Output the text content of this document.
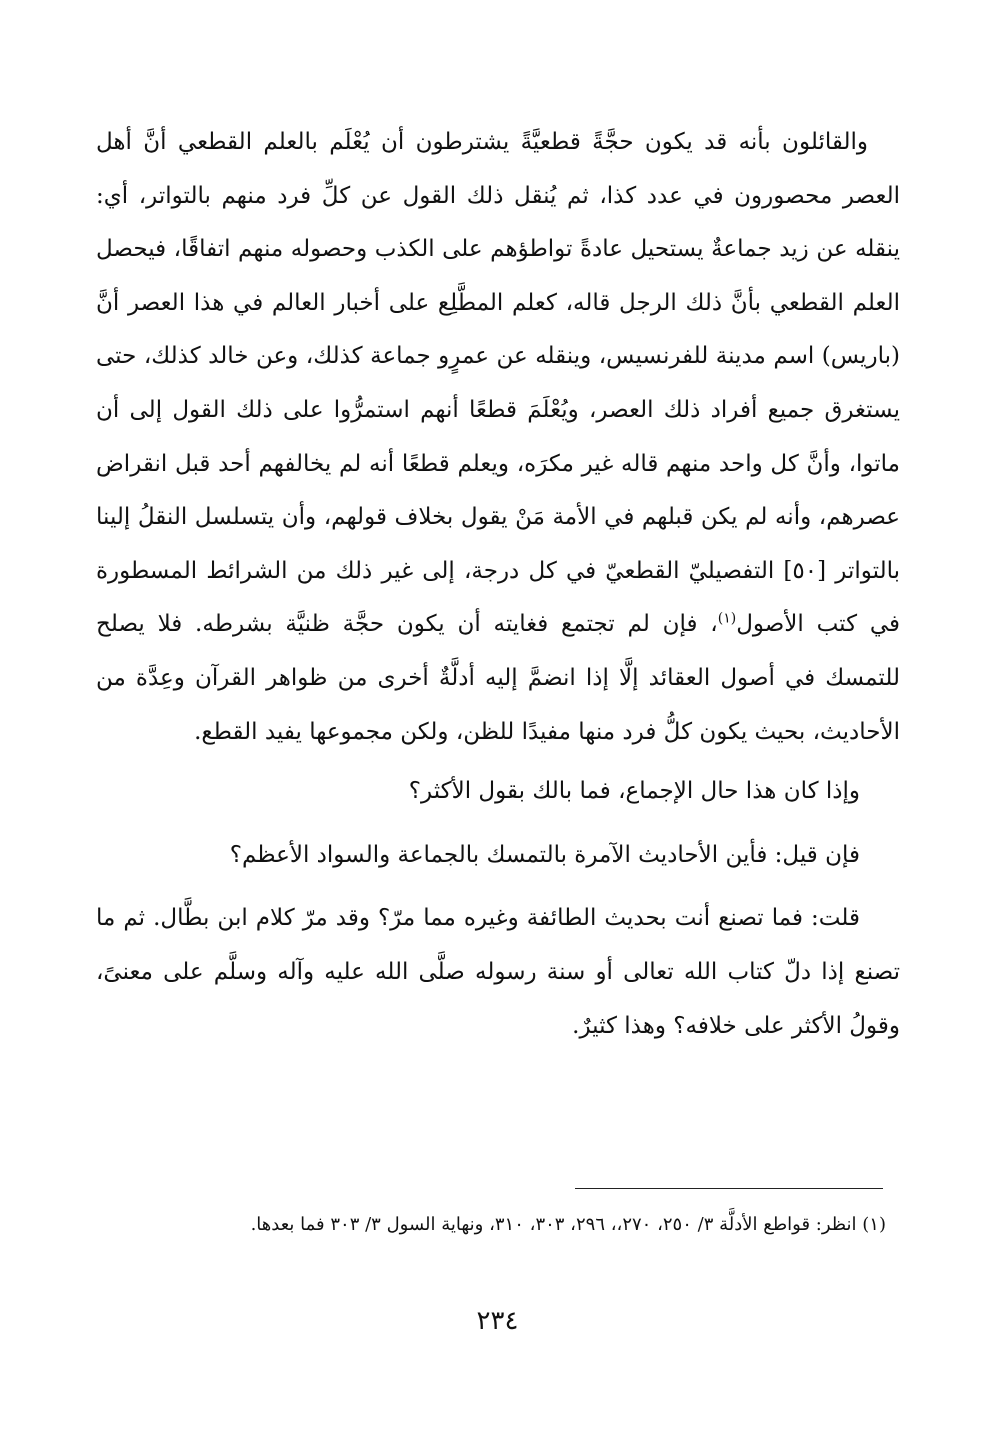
والقائلون بأنه قد يكون حجَّةً قطعيَّةً يشترطون أن يُعْلَم بالعلم القطعي أنَّ أهل العصر محصورون في عدد كذا، ثم يُنقل ذلك القول عن كلِّ فرد منهم بالتواتر، أي: ينقله عن زيد جماعةٌ يستحيل عادةً تواطؤهم على الكذب وحصوله منهم اتفاقًا، فيحصل العلم القطعي بأنَّ ذلك الرجل قاله، كعلم المطَّلِع على أخبار العالم في هذا العصر أنَّ (باريس) اسم مدينة للفرنسيس، وينقله عن عمرٍو جماعة كذلك، وعن خالد كذلك، حتى يستغرق جميع أفراد ذلك العصر، ويُعْلَمَ قطعًا أنهم استمرُّوا على ذلك القول إلى أن ماتوا، وأنَّ كل واحد منهم قاله غير مكرَه، ويعلم قطعًا أنه لم يخالفهم أحد قبل انقراض عصرهم، وأنه لم يكن قبلهم في الأمة مَنْ يقول بخلاف قولهم، وأن يتسلسل النقلُ إلينا بالتواتر [٥٠] التفصيليّ القطعيّ في كل درجة، إلى غير ذلك من الشرائط المسطورة في كتب الأصول$^{(١)}$، فإن لم تجتمع فغايته أن يكون حجَّة ظنيَّة بشرطه. فلا يصلح للتمسك في أصول العقائد إلَّا إذا انضمَّ إليه أدلَّةٌ أخرى من ظواهر القرآن وعِدَّة من الأحاديث، بحيث يكون كلُّ فرد منها مفيدًا للظن، ولكن مجموعها يفيد القطع.

وإذا كان هذا حال الإجماع، فما بالك بقول الأكثر؟

فإن قيل: فأين الأحاديث الآمرة بالتمسك بالجماعة والسواد الأعظم؟

قلت: فما تصنع أنت بحديث الطائفة وغيره مما مرّ؟ وقد مرّ كلام ابن بطَّال. ثم ما تصنع إذا دلّ كتاب الله تعالى أو سنة رسوله صلَّى الله عليه وآله وسلَّم على معنىً، وقولُ الأكثر على خلافه؟ وهذا كثيرٌ.

(١) انظر: قواطع الأدلَّة ٣/ ٢٥٠، ٢٧٠،، ٢٩٦، ٣٠٣، ٣١٠، ونهاية السول ٣/ ٣٠٣ فما بعدها.

٢٣٤
